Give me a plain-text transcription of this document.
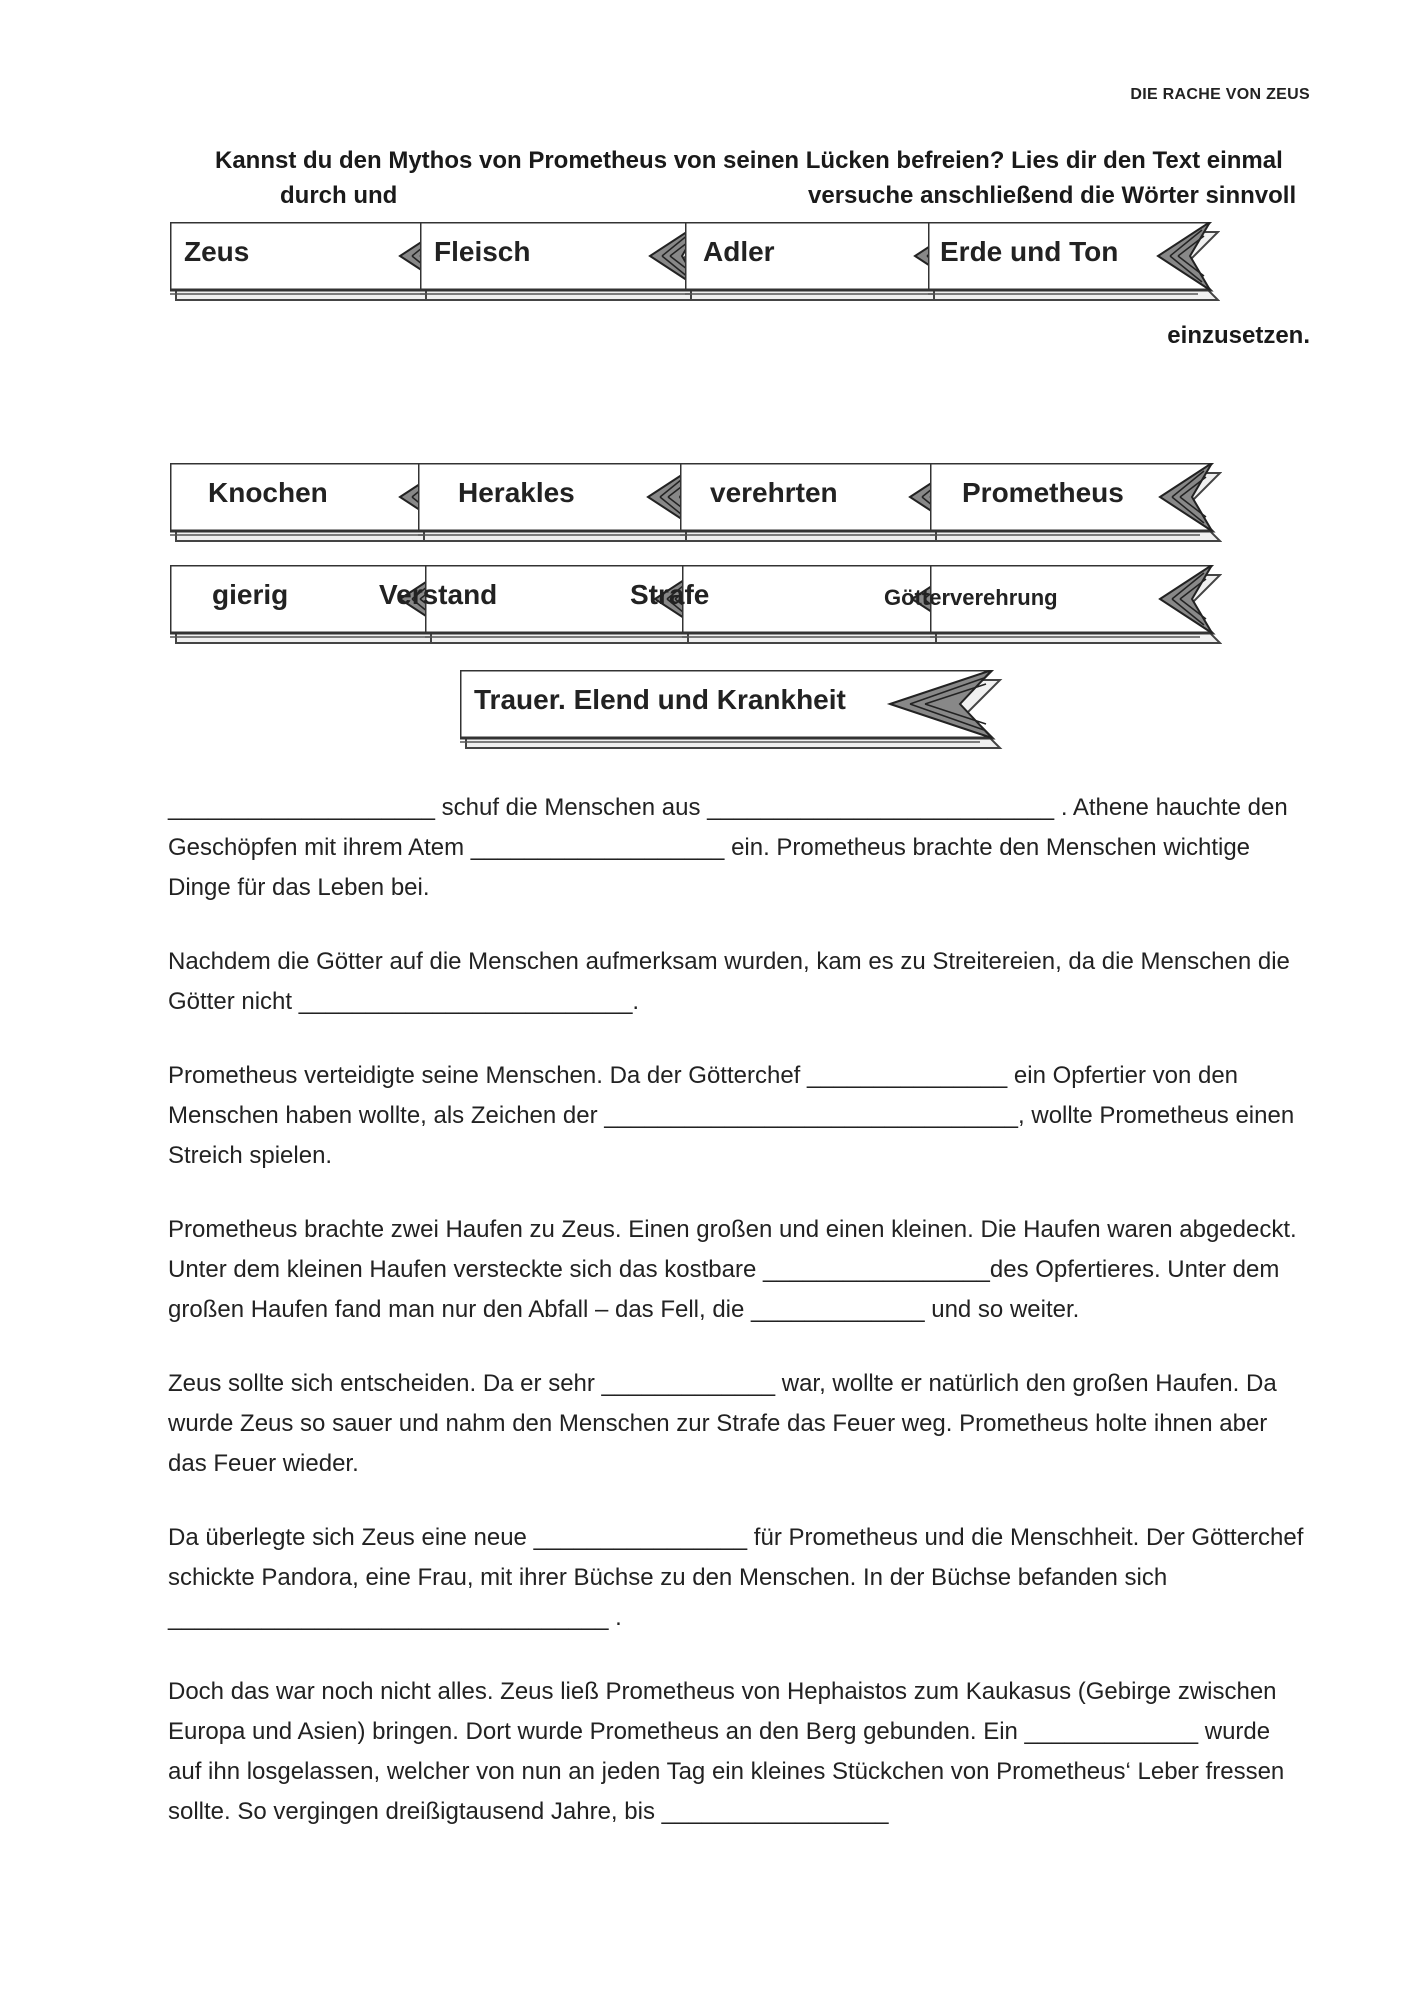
DIE RACHE VON ZEUS
Kannst du den Mythos von Prometheus von seinen Lücken befreien? Lies dir den Text einmal
durch und	versuche anschließend die Wörter sinnvoll
einzusetzen.
Zeus	Fleisch	Adler	Erde und Ton
Knochen	Herakles	verehrten	Prometheus
gierig	Verstand	Strafe	Götterverehrung
Trauer. Elend und Krankheit

____________________ schuf die Menschen aus __________________________ . Athene hauchte den Geschöpfen mit ihrem Atem ___________________ ein. Prometheus brachte den Menschen wichtige Dinge für das Leben bei.

Nachdem die Götter auf die Menschen aufmerksam wurden, kam es zu Streitereien, da die Menschen die Götter nicht _________________________.

Prometheus verteidigte seine Menschen. Da der Götterchef _______________ ein Opfertier von den Menschen haben wollte, als Zeichen der _______________________________, wollte Prometheus einen Streich spielen.

Prometheus brachte zwei Haufen zu Zeus. Einen großen und einen kleinen. Die Haufen waren abgedeckt. Unter dem kleinen Haufen versteckte sich das kostbare _________________des Opfertieres. Unter dem großen Haufen fand man nur den Abfall – das Fell, die _____________ und so weiter.

Zeus sollte sich entscheiden. Da er sehr _____________ war, wollte er natürlich den großen Haufen. Da wurde Zeus so sauer und nahm den Menschen zur Strafe das Feuer weg. Prometheus holte ihnen aber das Feuer wieder.

Da überlegte sich Zeus eine neue ________________ für Prometheus und die Menschheit. Der Götterchef schickte Pandora, eine Frau, mit ihrer Büchse zu den Menschen. In der Büchse befanden sich _________________________________ .

Doch das war noch nicht alles. Zeus ließ Prometheus von Hephaistos zum Kaukasus (Gebirge zwischen Europa und Asien) bringen. Dort wurde Prometheus an den Berg gebunden. Ein _____________ wurde auf ihn losgelassen, welcher von nun an jeden Tag ein kleines Stückchen von Prometheus‘ Leber fressen sollte. So vergingen dreißigtausend Jahre, bis _________________
